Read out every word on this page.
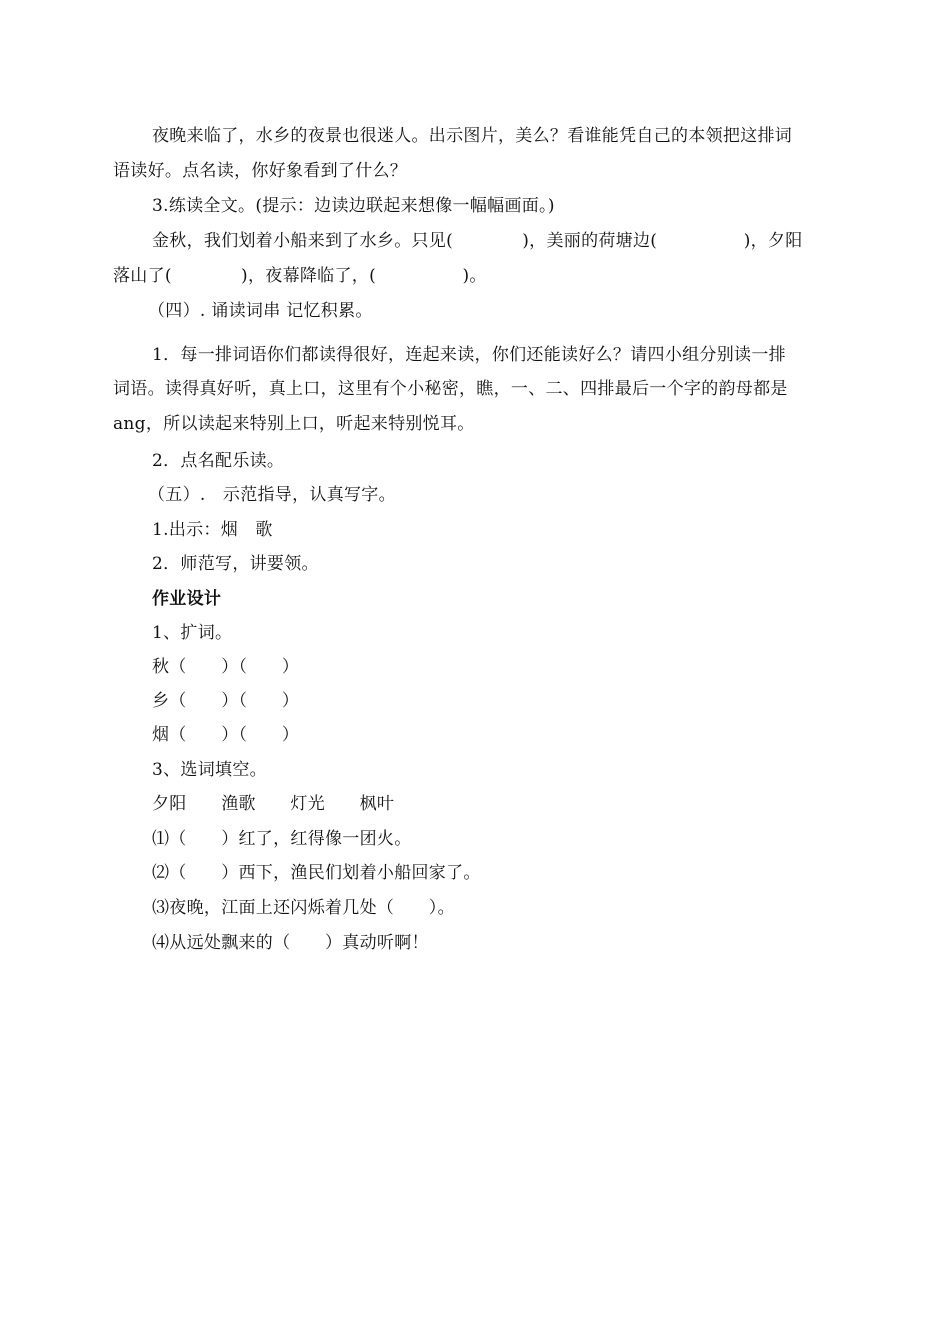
夜晚来临了，水乡的夜景也很迷人。出示图片，美么？看谁能凭自己的本领把这排词
语读好。点名读，你好象看到了什么？
3.练读全文。(提示：边读边联起来想像一幅幅画面。)
金秋，我们划着小船来到了水乡。只见(　　　　)，美丽的荷塘边(　　　　　)，夕阳
落山了(　　　　)，夜幕降临了，(　　　　　)。
（四）. 诵读词串 记忆积累。
1．每一排词语你们都读得很好，连起来读，你们还能读好么？请四小组分别读一排
词语。读得真好听，真上口，这里有个小秘密，瞧，一、二、四排最后一个字的韵母都是
ang，所以读起来特别上口，听起来特别悦耳。
2．点名配乐读。
（五）.　示范指导，认真写字。
1.出示：烟　歌
2．师范写，讲要领。
作业设计
1、扩词。
秋（　　）（　　）
乡（　　）（　　）
烟（　　）（　　）
3、选词填空。
夕阳　　渔歌　　灯光　　枫叶
⑴（　　）红了，红得像一团火。
⑵（　　）西下，渔民们划着小船回家了。
⑶夜晚，江面上还闪烁着几处（　　）。
⑷从远处飘来的（　　）真动听啊！
